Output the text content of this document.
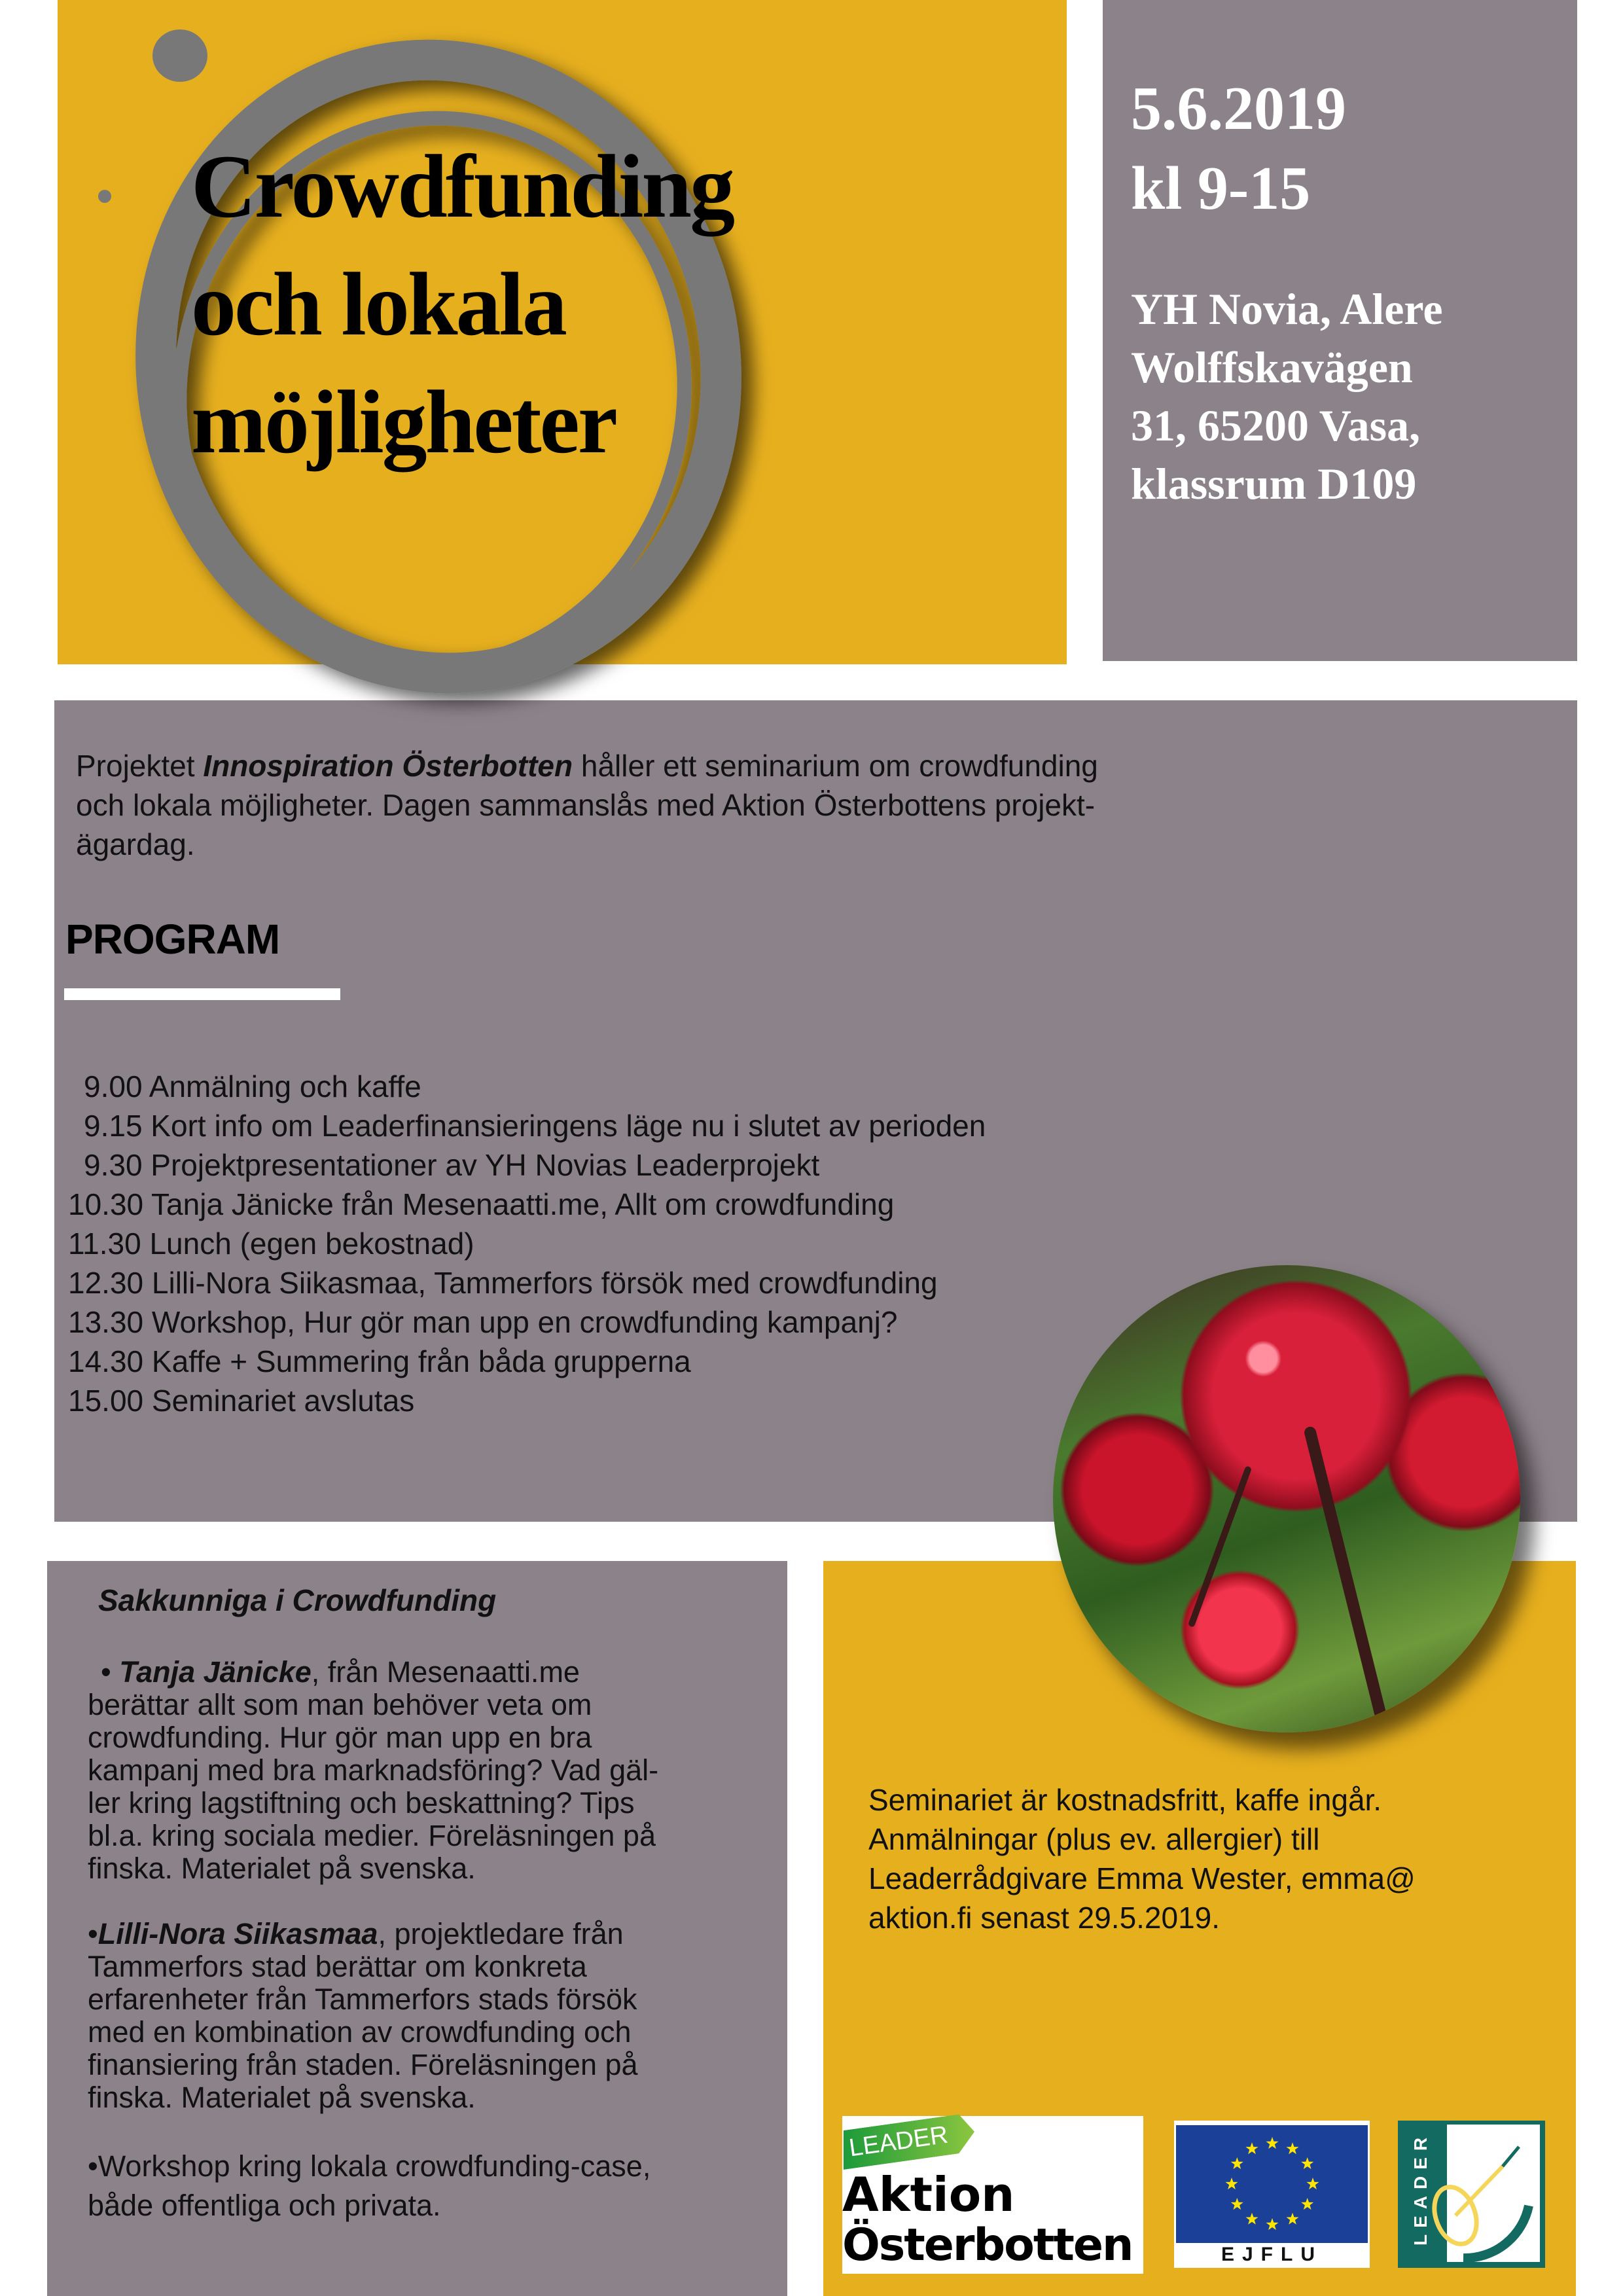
Crowdfunding
och lokala
möjligheter
5.6.2019
kl 9-15
YH Novia, Alere
Wolffskavägen
31, 65200 Vasa,
klassrum D109
Projektet Innospiration Österbotten håller ett seminarium om crowdfunding
och lokala möjligheter. Dagen sammanslås med Aktion Österbottens projekt-
ägardag.
PROGRAM
9.00 Anmälning och kaffe
9.15 Kort info om Leaderfinansieringens läge nu i slutet av perioden
9.30 Projektpresentationer av YH Novias Leaderprojekt
10.30 Tanja Jänicke från Mesenaatti.me, Allt om crowdfunding
11.30 Lunch (egen bekostnad)
12.30 Lilli-Nora Siikasmaa, Tammerfors försök med crowdfunding
13.30 Workshop, Hur gör man upp en crowdfunding kampanj?
14.30 Kaffe + Summering från båda grupperna
15.00 Seminariet avslutas
Sakkunniga i Crowdfunding
• Tanja Jänicke, från Mesenaatti.me
berättar allt som man behöver veta om
crowdfunding. Hur gör man upp en bra
kampanj med bra marknadsföring? Vad gäl-
ler kring lagstiftning och beskattning? Tips
bl.a. kring sociala medier. Föreläsningen på
finska. Materialet på svenska.
•Lilli-Nora Siikasmaa, projektledare från
Tammerfors stad berättar om konkreta
erfarenheter från Tammerfors stads försök
med en kombination av crowdfunding och
finansiering från staden. Föreläsningen på
finska. Materialet på svenska.
•Workshop kring lokala crowdfunding-case,
både offentliga och privata.
Seminariet är kostnadsfritt, kaffe ingår.
Anmälningar (plus ev. allergier) till
Leaderrådgivare Emma Wester, emma@
aktion.fi senast 29.5.2019.
LEADER
Aktion
Österbotten	EJFLU
LEADER
